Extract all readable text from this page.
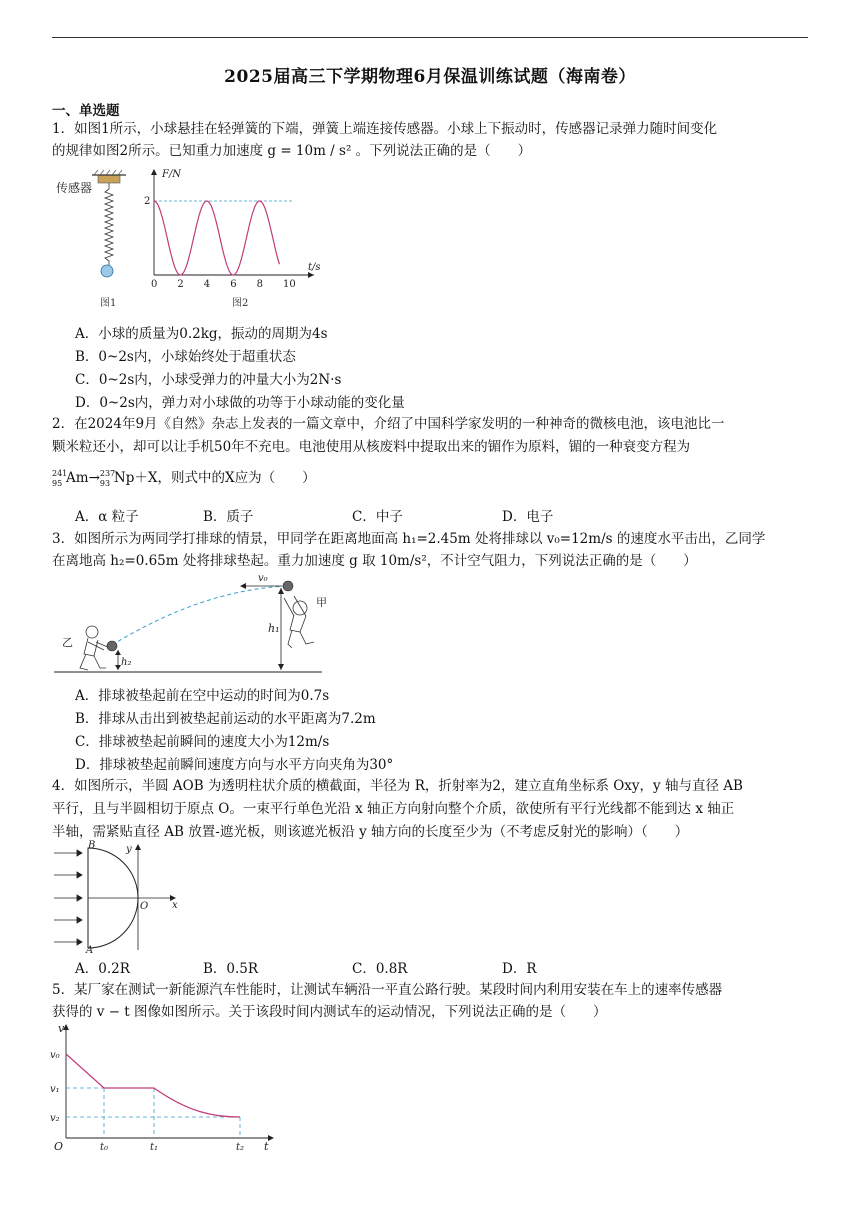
2025届高三下学期物理6月保温训练试题（海南卷）
一、单选题
1．如图1所示，小球悬挂在轻弹簧的下端，弹簧上端连接传感器。小球上下振动时，传感器记录弹力随时间变化
的规律如图2所示。已知重力加速度 g = 10m / s² 。下列说法正确的是（　　）
传感器
图1
F/N
t/s
2
0 2 4 6 8 10
图2
A．小球的质量为0.2kg，振动的周期为4s
B．0~2s内，小球始终处于超重状态
C．0~2s内，小球受弹力的冲量大小为2N·s
D．0~2s内，弹力对小球做的功等于小球动能的变化量
2．在2024年9月《自然》杂志上发表的一篇文章中，介绍了中国科学家发明的一种神奇的微核电池，该电池比一
颗米粒还小，却可以让手机50年不充电。电池使用从核废料中提取出来的镅作为原料，镅的一种衰变方程为
241
95 Am→ 237
93 Np＋X，则式中的X应为（　　）
A．α 粒子	B．质子	C．中子	D．电子
3．如图所示为两同学打排球的情景，甲同学在距离地面高 h₁=2.45m 处将排球以 v₀=12m/s 的速度水平击出，乙同学
在离地高 h₂=0.65m 处将排球垫起。重力加速度 g 取 10m/s²，不计空气阻力，下列说法正确的是（　　）
v₀
h₁
甲
乙
h₂
A．排球被垫起前在空中运动的时间为0.7s
B．排球从击出到被垫起前运动的水平距离为7.2m
C．排球被垫起前瞬间的速度大小为12m/s
D．排球被垫起前瞬间速度方向与水平方向夹角为30°
4．如图所示，半圆 AOB 为透明柱状介质的横截面，半径为 R，折射率为2，建立直角坐标系 Oxy，y 轴与直径 AB
平行，且与半圆相切于原点 O。一束平行单色光沿 x 轴正方向射向整个介质，欲使所有平行光线都不能到达 x 轴正
半轴，需紧贴直径 AB 放置-遮光板，则该遮光板沿 y 轴方向的长度至少为（不考虑反射光的影响）（　　）
B
A
x
y
O
A．0.2R	B．0.5R	C．0.8R	D．R
5．某厂家在测试一新能源汽车性能时，让测试车辆沿一平直公路行驶。某段时间内利用安装在车上的速率传感器
获得的 v − t 图像如图所示。关于该段时间内测试车的运动情况，下列说法正确的是（　　）
v
t
O
v₀
v₁
v₂
t₀	t₁	t₂
